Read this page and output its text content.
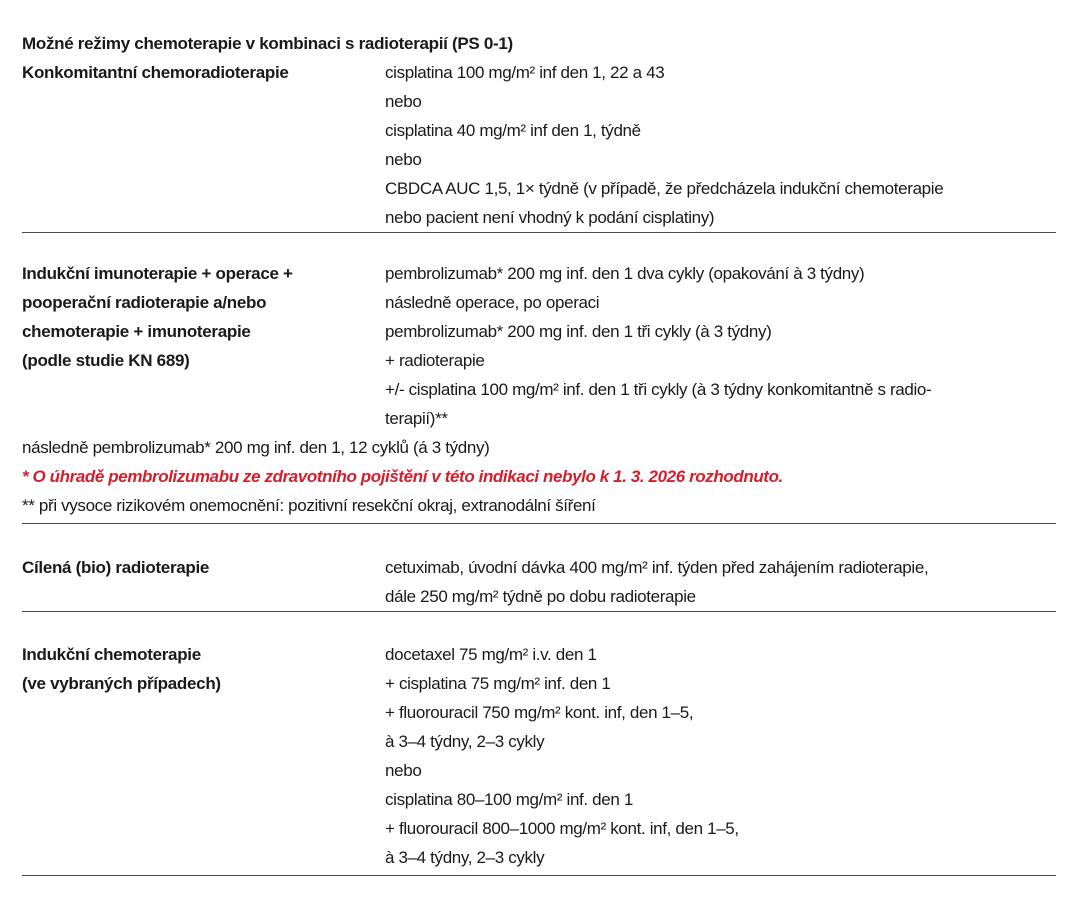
Možné režimy chemoterapie v kombinaci s radioterapií (PS 0-1)
Konkomitantní chemoradioterapie	cisplatina 100 mg/m² inf den 1, 22 a 43
nebo
cisplatina 40 mg/m² inf den 1, týdně
nebo
CBDCA AUC 1,5, 1× týdně (v případě, že předcházela indukční chemoterapie
nebo pacient není vhodný k podání cisplatiny)
Indukční imunoterapie + operace +
pooperační radioterapie a/nebo
chemoterapie + imunoterapie
(podle studie KN 689)
pembrolizumab* 200 mg inf. den 1 dva cykly (opakování à 3 týdny)
následně operace, po operaci
pembrolizumab* 200 mg inf. den 1 tři cykly (à 3 týdny)
+ radioterapie
+/- cisplatina 100 mg/m² inf. den 1 tři cykly (à 3 týdny konkomitantně s radio-
terapií)**
následně pembrolizumab* 200 mg inf. den 1, 12 cyklů (á 3 týdny)
* O úhradě pembrolizumabu ze zdravotního pojištění v této indikaci nebylo k 1. 3. 2026 rozhodnuto.
** při vysoce rizikovém onemocnění: pozitivní resekční okraj, extranodální šíření
Cílená (bio) radioterapie	cetuximab, úvodní dávka 400 mg/m² inf. týden před zahájením radioterapie,
dále 250 mg/m² týdně po dobu radioterapie
Indukční chemoterapie
(ve vybraných případech)
docetaxel 75 mg/m² i.v. den 1
+ cisplatina 75 mg/m² inf. den 1
+ fluorouracil 750 mg/m² kont. inf, den 1–5,
à 3–4 týdny, 2–3 cykly
nebo
cisplatina 80–100 mg/m² inf. den 1
+ fluorouracil 800–1000 mg/m² kont. inf, den 1–5,
à 3–4 týdny, 2–3 cykly
